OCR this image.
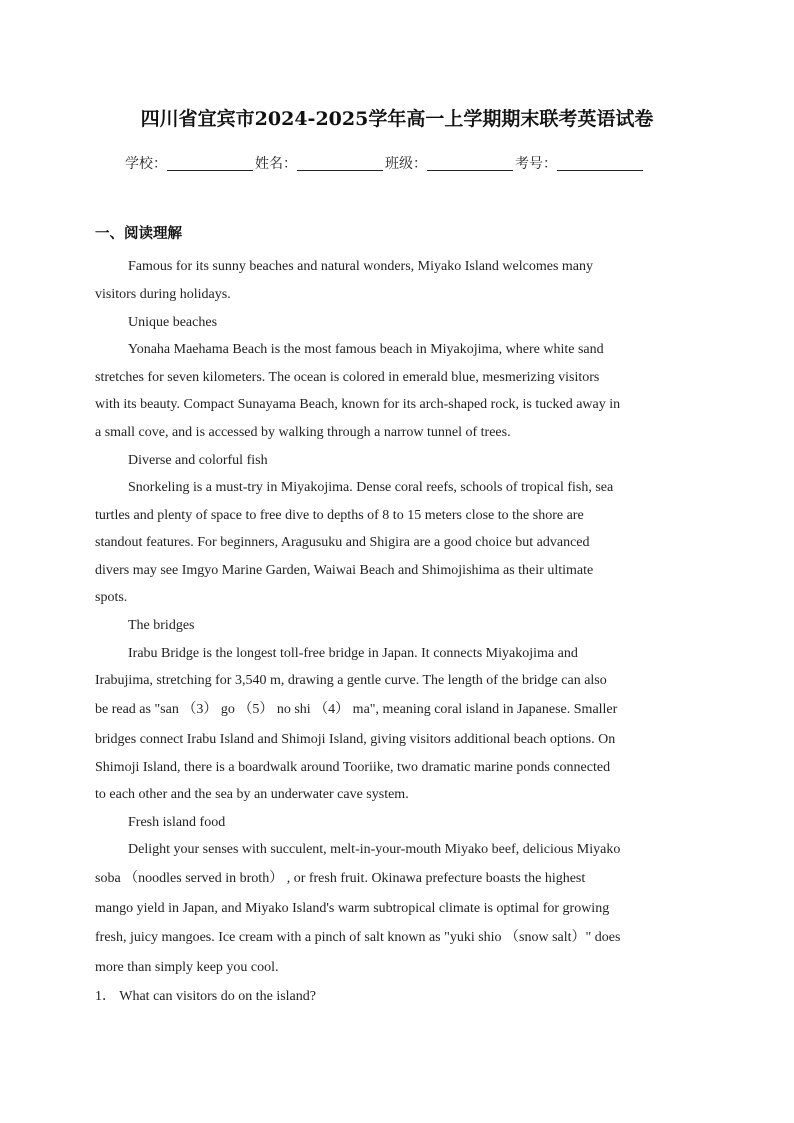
四川省宜宾市2024-2025学年高一上学期期末联考英语试卷
学校：	姓名：	班级：	考号：
一、阅读理解
Famous for its sunny beaches and natural wonders, Miyako Island welcomes many
visitors during holidays.
Unique beaches
Yonaha Maehama Beach is the most famous beach in Miyakojima, where white sand
stretches for seven kilometers. The ocean is colored in emerald blue, mesmerizing visitors
with its beauty. Compact Sunayama Beach, known for its arch-shaped rock, is tucked away in
a small cove, and is accessed by walking through a narrow tunnel of trees.
Diverse and colorful fish
Snorkeling is a must-try in Miyakojima. Dense coral reefs, schools of tropical fish, sea
turtles and plenty of space to free dive to depths of 8 to 15 meters close to the shore are
standout features. For beginners, Aragusuku and Shigira are a good choice but advanced
divers may see Imgyo Marine Garden, Waiwai Beach and Shimojishima as their ultimate
spots.
The bridges
Irabu Bridge is the longest toll-free bridge in Japan. It connects Miyakojima and
Irabujima, stretching for 3,540 m, drawing a gentle curve. The length of the bridge can also
be read as "san （3） go （5） no shi （4） ma", meaning coral island in Japanese. Smaller
bridges connect Irabu Island and Shimoji Island, giving visitors additional beach options. On
Shimoji Island, there is a boardwalk around Tooriike, two dramatic marine ponds connected
to each other and the sea by an underwater cave system.
Fresh island food
Delight your senses with succulent, melt-in-your-mouth Miyako beef, delicious Miyako
soba （noodles served in broth） , or fresh fruit. Okinawa prefecture boasts the highest
mango yield in Japan, and Miyako Island's warm subtropical climate is optimal for growing
fresh, juicy mangoes. Ice cream with a pinch of salt known as "yuki shio （snow salt）" does
more than simply keep you cool.
1． What can visitors do on the island?
